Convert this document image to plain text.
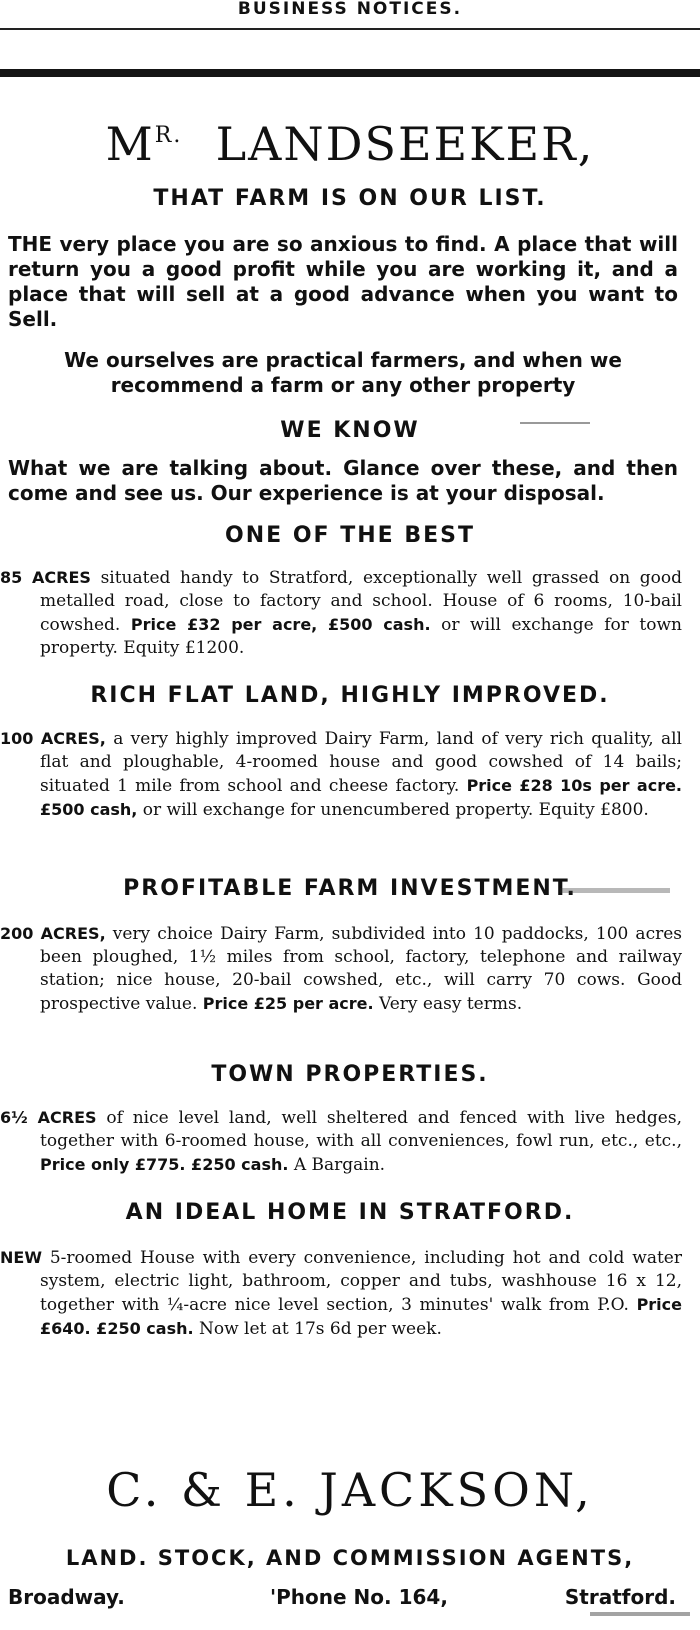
BUSINESS NOTICES.
$M^{R.}$ LANDSEEKER,
THAT FARM IS ON OUR LIST.
THE very place you are so anxious to find. A place that will return you a good profit while you are working it, and a place that will sell at a good advance when you want to Sell.
We ourselves are practical farmers, and when we recommend a farm or any other property
WE KNOW
What we are talking about. Glance over these, and then come and see us. Our experience is at your disposal.
ONE OF THE BEST

85 ACRES situated handy to Stratford, exceptionally well grassed on good metalled road, close to factory and school. House of 6 rooms, 10-bail cowshed. Price £32 per acre, £500 cash. or will exchange for town property. Equity £1200.

RICH FLAT LAND, HIGHLY IMPROVED.

100 ACRES, a very highly improved Dairy Farm, land of very rich quality, all flat and ploughable, 4-roomed house and good cowshed of 14 bails; situated 1 mile from school and cheese factory. Price £28 10s per acre. £500 cash, or will exchange for unencumbered property. Equity £800.

PROFITABLE FARM INVESTMENT.

200 ACRES, very choice Dairy Farm, subdivided into 10 paddocks, 100 acres been ploughed, 1½ miles from school, factory, telephone and railway station; nice house, 20-bail cowshed, etc., will carry 70 cows. Good prospective value. Price £25 per acre. Very easy terms.

TOWN PROPERTIES.

6½ ACRES of nice level land, well sheltered and fenced with live hedges, together with 6-roomed house, with all conveniences, fowl run, etc., etc., Price only £775. £250 cash. A Bargain.

AN IDEAL HOME IN STRATFORD.

NEW 5-roomed House with every convenience, including hot and cold water system, electric light, bathroom, copper and tubs, washhouse 16 x 12, together with ¼-acre nice level section, 3 minutes' walk from P.O. Price £640. £250 cash. Now let at 17s 6d per week.

C. & E. JACKSON,
LAND. STOCK, AND COMMISSION AGENTS,
Broadway.	'Phone No. 164,	Stratford.
